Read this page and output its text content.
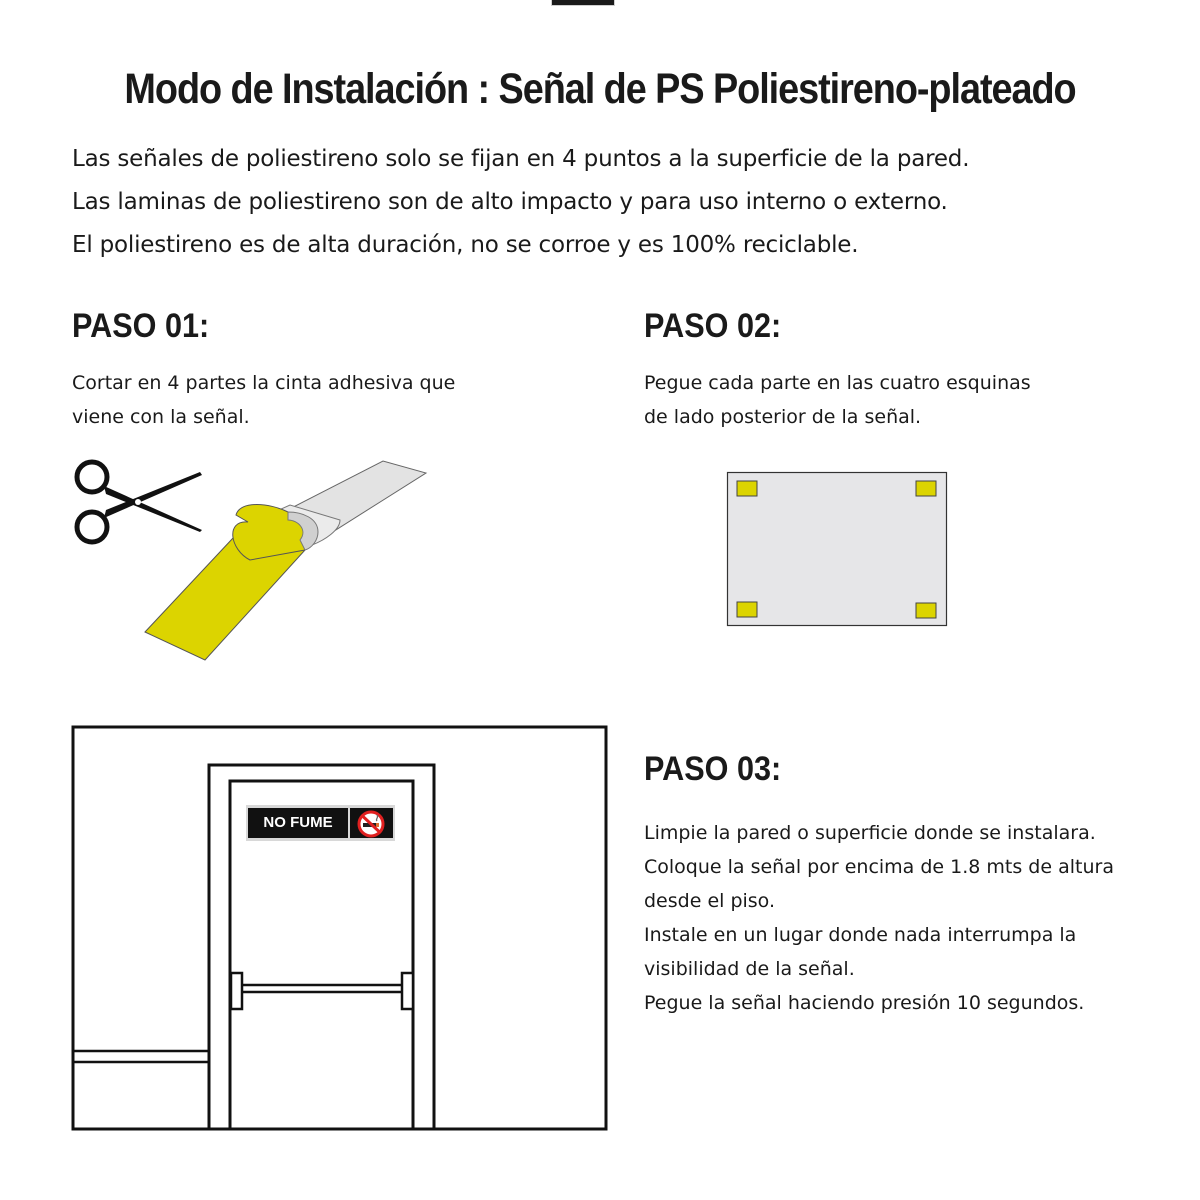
Modo de Instalación : Señal de PS Poliestireno-plateado

Las señales de poliestireno solo se fijan en 4 puntos a la superficie de la pared.

Las laminas de poliestireno son de alto impacto y para uso interno o externo.

El poliestireno es de alta duración, no se corroe y es 100% reciclable.

PASO 01:

Cortar en 4 partes la cinta adhesiva que

viene con la señal.

PASO 02:

Pegue cada parte en las cuatro esquinas

de lado posterior de la señal.

NO FUME
PASO 03:

Limpie la pared o superficie donde se instalara.

Coloque la señal por encima de 1.8 mts de altura

desde el piso.

Instale en un lugar donde nada interrumpa la

visibilidad de la señal.

Pegue la señal haciendo presión 10 segundos.
